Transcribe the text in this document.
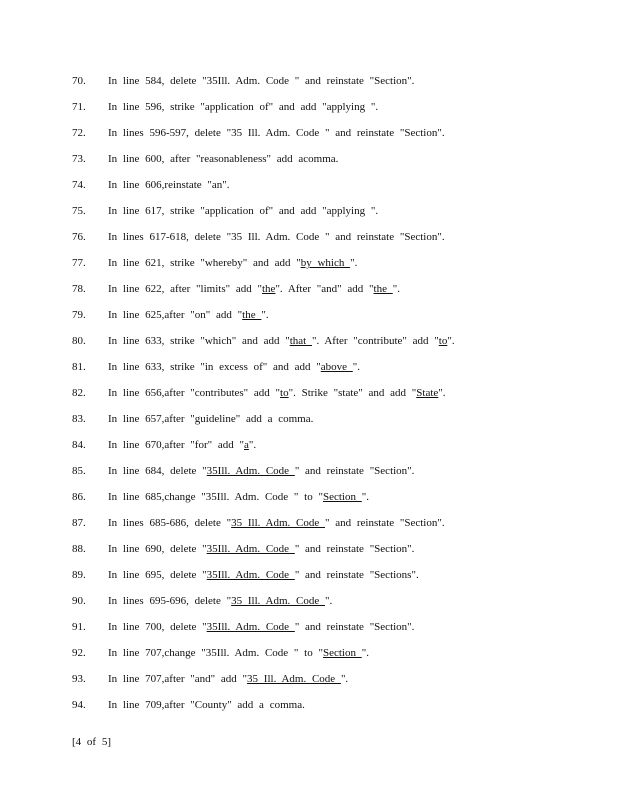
70. In line 584, delete "35Ill. Adm. Code " and reinstate "Section".
71. In line 596, strike "application of" and add "applying ".
72. In lines 596-597, delete "35 Ill. Adm. Code " and reinstate "Section".
73. In line 600, after "reasonableness" add acomma.
74. In line 606,reinstate "an".
75. In line 617, strike "application of" and add "applying ".
76. In lines 617-618, delete "35 Ill. Adm. Code " and reinstate "Section".
77. In line 621, strike "whereby" and add "by which ".
78. In line 622, after "limits" add "the". After "and" add "the ".
79. In line 625,after "on" add "the ".
80. In line 633, strike "which" and add "that ". After "contribute" add "to".
81. In line 633, strike "in excess of" and add "above ".
82. In line 656,after "contributes" add "to". Strike "state" and add "State".
83. In line 657,after "guideline" add a comma.
84. In line 670,after "for" add "a".
85. In line 684, delete "35Ill. Adm. Code " and reinstate "Section".
86. In line 685,change "35Ill. Adm. Code " to "Section ".
87. In lines 685-686, delete "35 Ill. Adm. Code " and reinstate "Section".
88. In line 690, delete "35Ill. Adm. Code " and reinstate "Section".
89. In line 695, delete "35Ill. Adm. Code " and reinstate "Sections".
90. In lines 695-696, delete "35 Ill. Adm. Code ".
91. In line 700, delete "35Ill. Adm. Code " and reinstate "Section".
92. In line 707,change "35Ill. Adm. Code " to "Section ".
93. In line 707,after "and" add "35 Ill. Adm. Code ".
94. In line 709,after "County" add a comma.
[4 of 5]
